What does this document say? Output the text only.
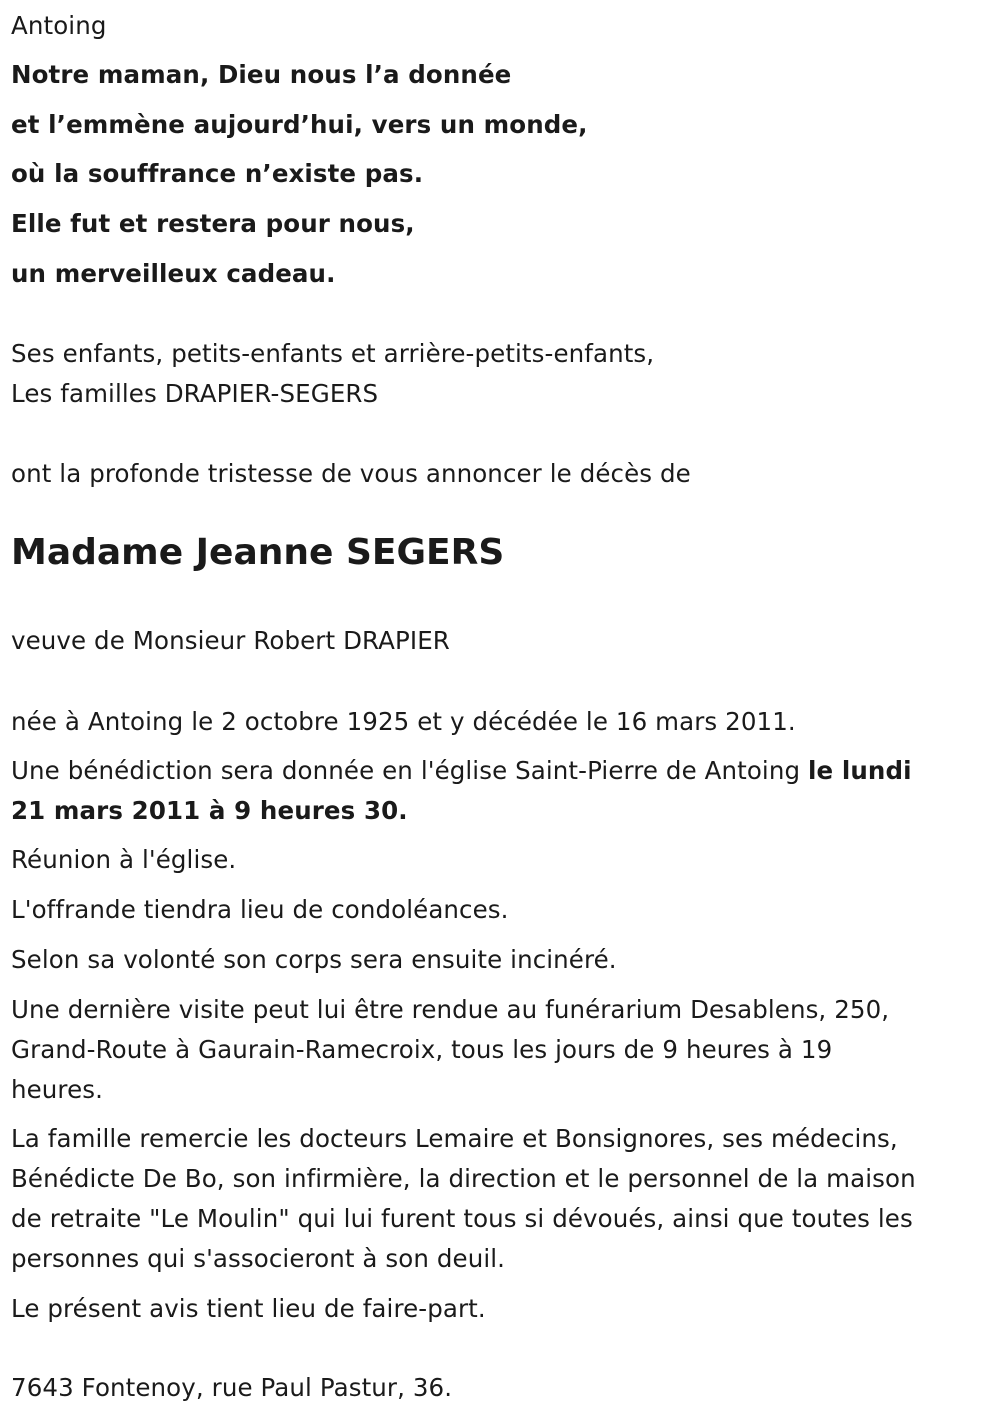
Antoing
Notre maman, Dieu nous l’a donnée
et l’emmène aujourd’hui, vers un monde,
où la souffrance n’existe pas.
Elle fut et restera pour nous,
un merveilleux cadeau.
Ses enfants, petits-enfants et arrière-petits-enfants,
Les familles DRAPIER-SEGERS
ont la profonde tristesse de vous annoncer le décès de
Madame Jeanne SEGERS
veuve de Monsieur Robert DRAPIER
née à Antoing le 2 octobre 1925 et y décédée le 16 mars 2011.
Une bénédiction sera donnée en l'église Saint-Pierre de Antoing le lundi
21 mars 2011 à 9 heures 30.
Réunion à l'église.
L'offrande tiendra lieu de condoléances.
Selon sa volonté son corps sera ensuite incinéré.
Une dernière visite peut lui être rendue au funérarium Desablens, 250,
Grand-Route à Gaurain-Ramecroix, tous les jours de 9 heures à 19
heures.
La famille remercie les docteurs Lemaire et Bonsignores, ses médecins,
Bénédicte De Bo, son infirmière, la direction et le personnel de la maison
de retraite "Le Moulin" qui lui furent tous si dévoués, ainsi que toutes les
personnes qui s'associeront à son deuil.
Le présent avis tient lieu de faire-part.
7643 Fontenoy, rue Paul Pastur, 36.
